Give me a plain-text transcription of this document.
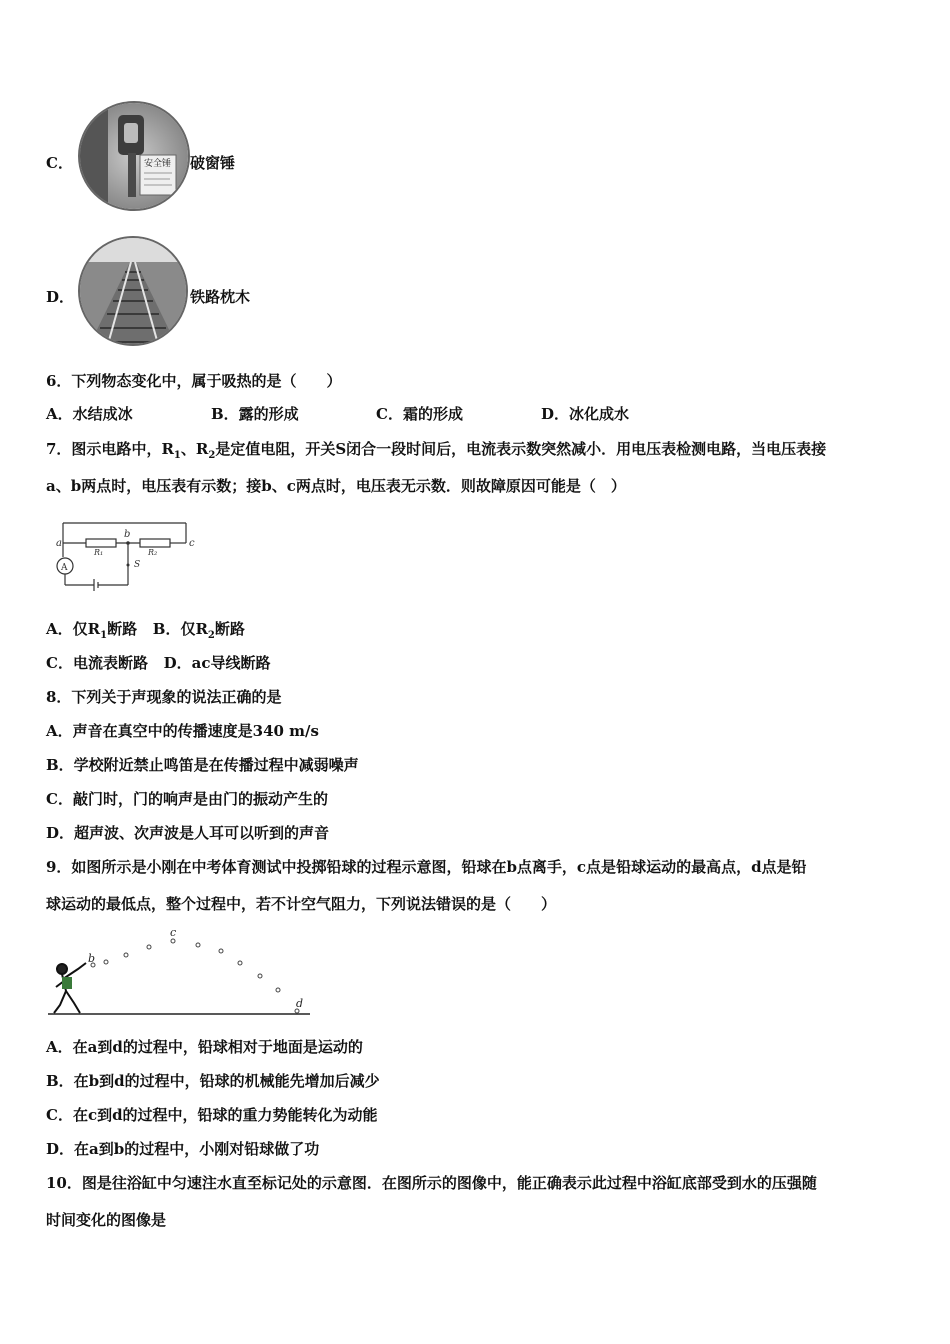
C．	安全锤 破窗锤
D．	铁路枕木
6．下列物态变化中，属于吸热的是（　　）
A．水结成冰	B．露的形成	C．霜的形成	D．冰化成水
7．图示电路中，$R_1$、$R_2$是定值电阻，开关S闭合一段时间后，电流表示数突然减小．用电压表检测电路，当电压表接
a、b两点时，电压表有示数；接b、c两点时，电压表无示数．则故障原因可能是（　）
a
b
c
R₁	R₂
A	S
A．仅$R_1$断路 B．仅$R_2$断路
C．电流表断路 D．ac导线断路
8．下列关于声现象的说法正确的是
A．声音在真空中的传播速度是340 m/s
B．学校附近禁止鸣笛是在传播过程中减弱噪声
C．敲门时，门的响声是由门的振动产生的
D．超声波、次声波是人耳可以听到的声音
9．如图所示是小刚在中考体育测试中投掷铅球的过程示意图，铅球在b点离手，c点是铅球运动的最高点，d点是铅
球运动的最低点，整个过程中，若不计空气阻力，下列说法错误的是（　　）
b
c
d
A．在a到d的过程中，铅球相对于地面是运动的
B．在b到d的过程中，铅球的机械能先增加后减少
C．在c到d的过程中，铅球的重力势能转化为动能
D．在a到b的过程中，小刚对铅球做了功
10．图是往浴缸中匀速注水直至标记处的示意图．在图所示的图像中，能正确表示此过程中浴缸底部受到水的压强随
时间变化的图像是
